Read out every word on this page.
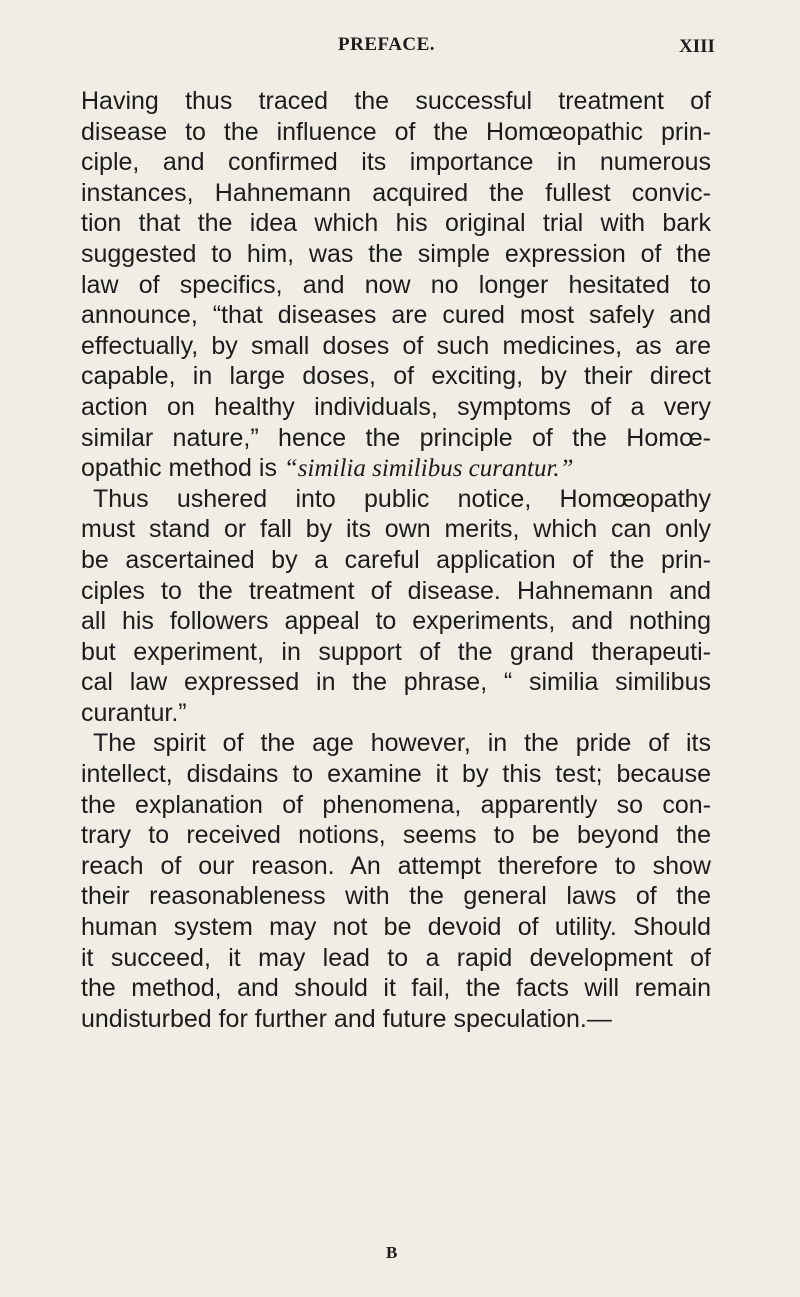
PREFACE.	XIII
Having thus traced the successful treatment of
disease to the influence of the Homœopathic prin-
ciple, and confirmed its importance in numerous
instances, Hahnemann acquired the fullest convic-
tion that the idea which his original trial with bark
suggested to him, was the simple expression of the
law of specifics, and now no longer hesitated to
announce, “that diseases are cured most safely and
effectually, by small doses of such medicines, as are
capable, in large doses, of exciting, by their direct
action on healthy individuals, symptoms of a very
similar nature,” hence the principle of the Homœ-
opathic method is “similia similibus curantur.”
Thus ushered into public notice, Homœopathy
must stand or fall by its own merits, which can only
be ascertained by a careful application of the prin-
ciples to the treatment of disease. Hahnemann and
all his followers appeal to experiments, and nothing
but experiment, in support of the grand therapeuti-
cal law expressed in the phrase, “ similia similibus
curantur.”
The spirit of the age however, in the pride of its
intellect, disdains to examine it by this test; because
the explanation of phenomena, apparently so con-
trary to received notions, seems to be beyond the
reach of our reason. An attempt therefore to show
their reasonableness with the general laws of the
human system may not be devoid of utility. Should
it succeed, it may lead to a rapid development of
the method, and should it fail, the facts will remain
undisturbed for further and future speculation.—
B
